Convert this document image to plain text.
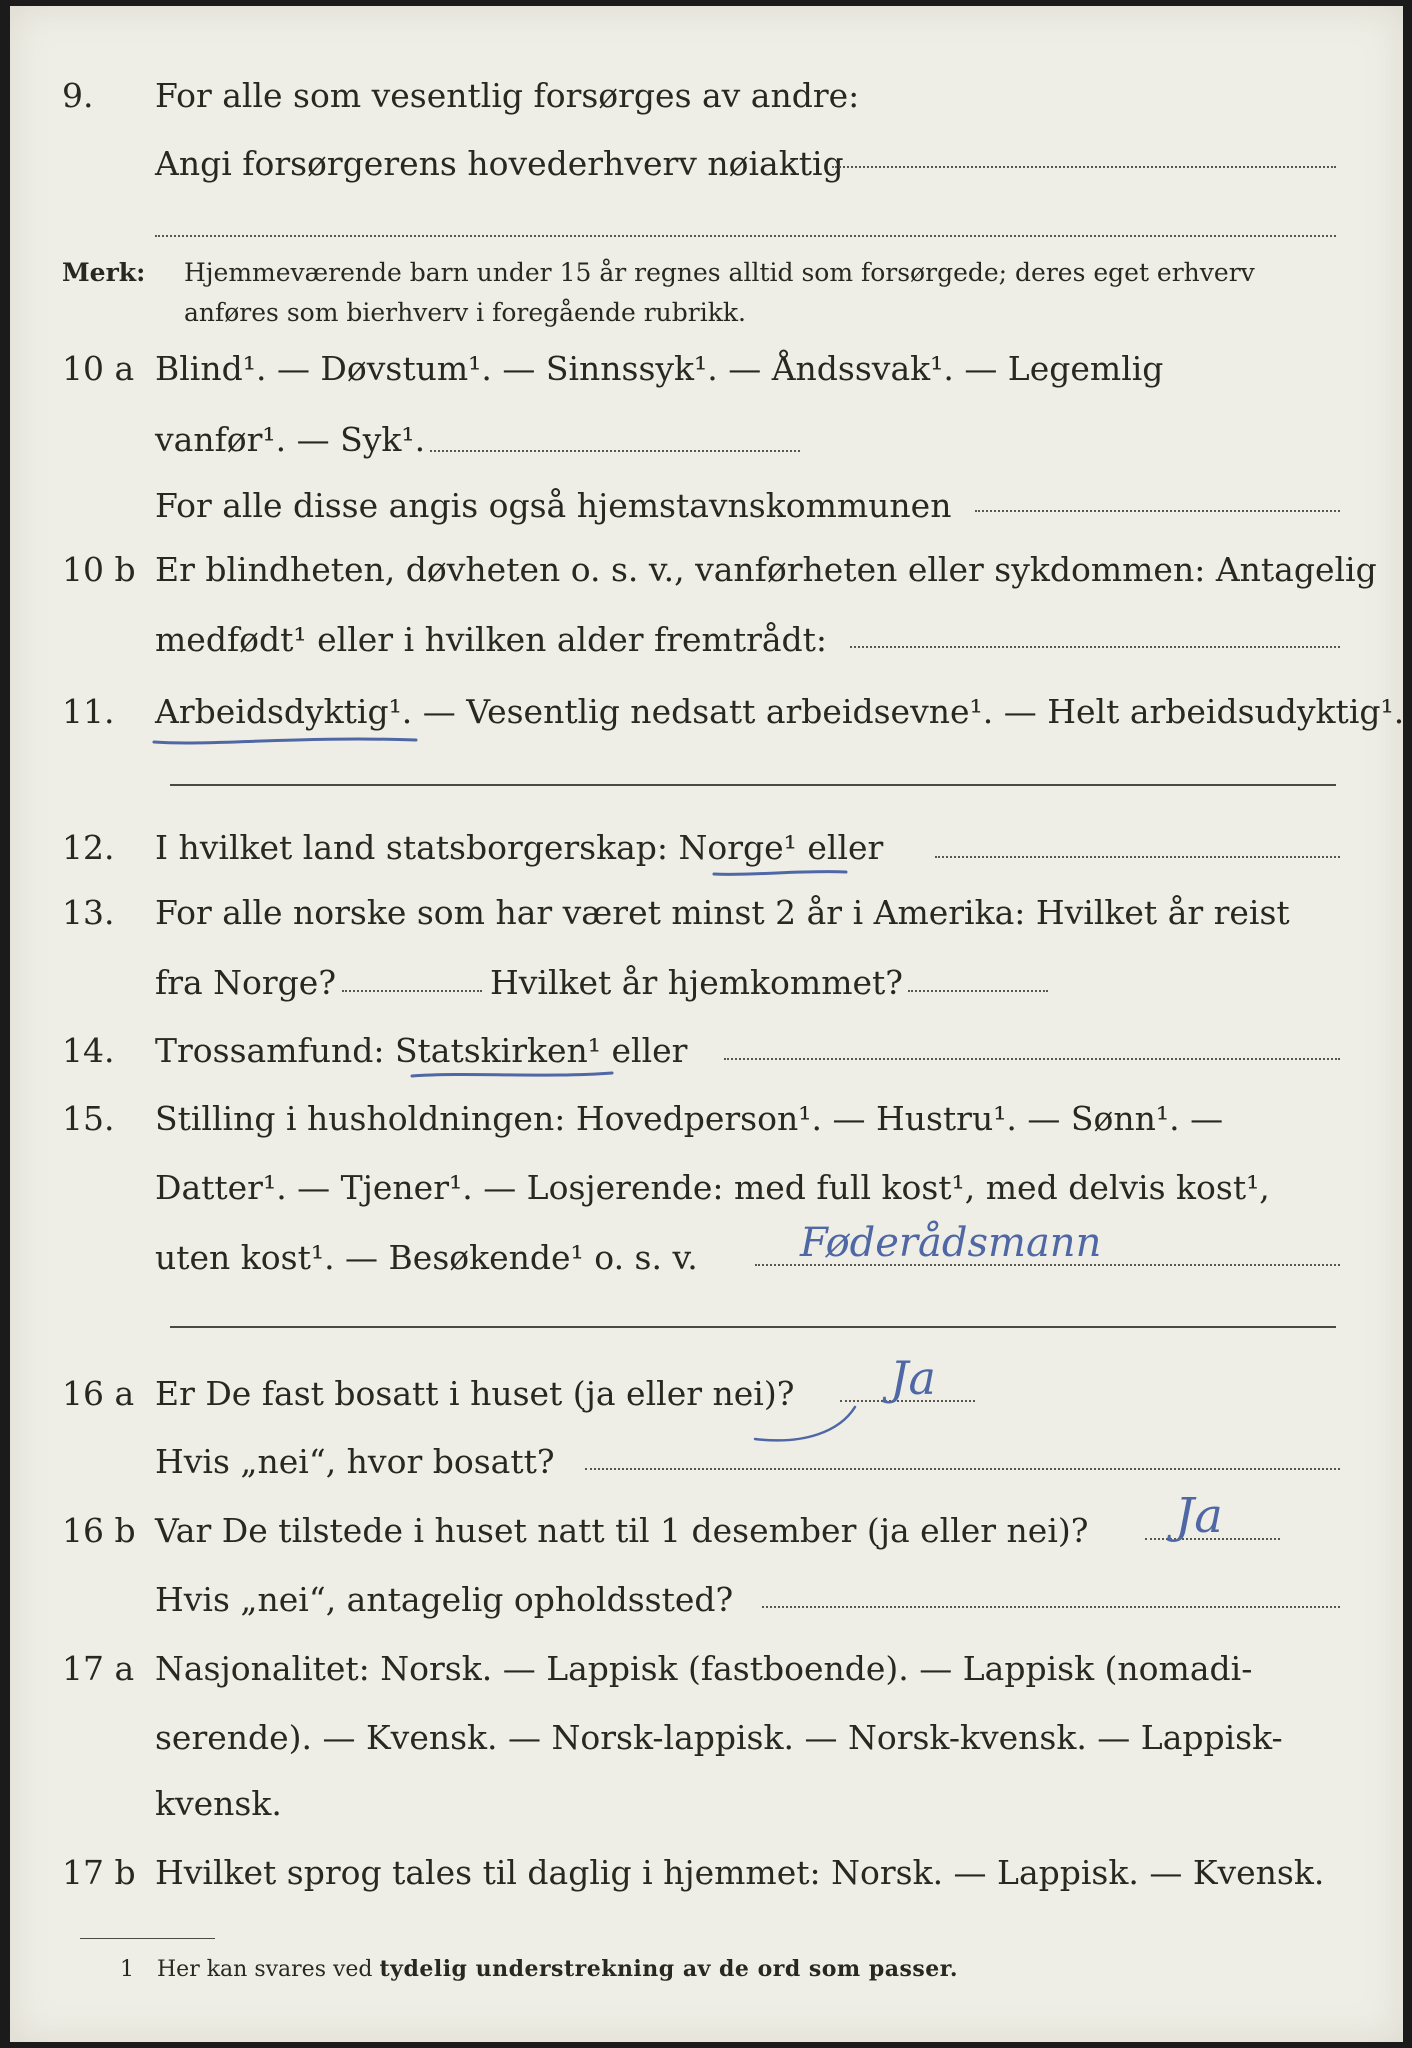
9. For alle som vesentlig forsørges av andre:
Angi forsørgerens hovederhverv nøiaktig
Merk: Hjemmeværende barn under 15 år regnes alltid som forsørgede; deres eget erhverv
anføres som bierhverv i foregående rubrikk.
10 a Blind¹. — Døvstum¹. — Sinnssyk¹. — Åndssvak¹. — Legemlig
vanfør¹. — Syk¹.
For alle disse angis også hjemstavnskommunen
10 b Er blindheten, døvheten o. s. v., vanførheten eller sykdommen: Antagelig
medfødt¹ eller i hvilken alder fremtrådt:
11. Arbeidsdyktig¹. — Vesentlig nedsatt arbeidsevne¹. — Helt arbeidsudyktig¹.
12. I hvilket land statsborgerskap: Norge¹ eller
13. For alle norske som har været minst 2 år i Amerika: Hvilket år reist
fra Norge?	Hvilket år hjemkommet?
14. Trossamfund: Statskirken¹ eller
15. Stilling i husholdningen: Hovedperson¹. — Hustru¹. — Sønn¹. —
Datter¹. — Tjener¹. — Losjerende: med full kost¹, med delvis kost¹,
uten kost¹. — Besøkende¹ o. s. v.	Føderådsmann
16 a Er De fast bosatt i huset (ja eller nei)? Ja
Hvis „nei“, hvor bosatt?
16 b Var De tilstede i huset natt til 1 desember (ja eller nei)? Ja
Hvis „nei“, antagelig opholdssted?
17 a Nasjonalitet: Norsk. — Lappisk (fastboende). — Lappisk (nomadi-
serende). — Kvensk. — Norsk-lappisk. — Norsk-kvensk. — Lappisk-
kvensk.
17 b Hvilket sprog tales til daglig i hjemmet: Norsk. — Lappisk. — Kvensk.
1 Her kan svares ved tydelig understrekning av de ord som passer.
